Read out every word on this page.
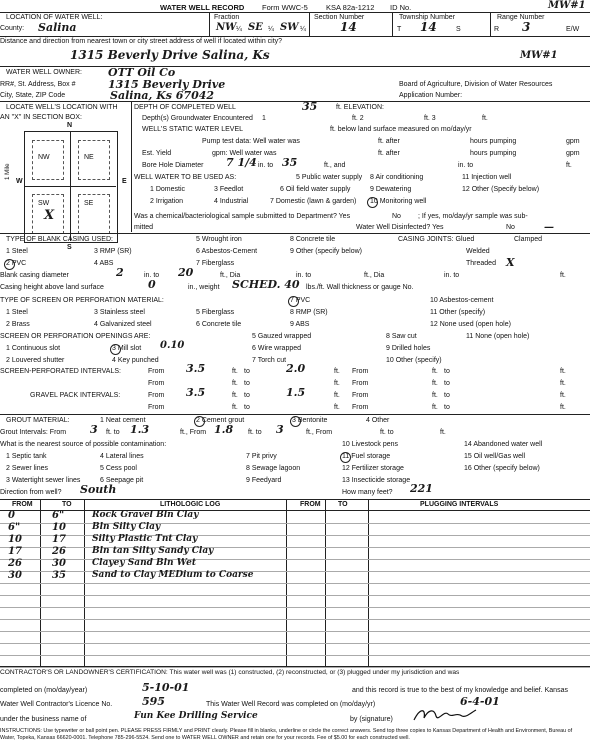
WATER WELL RECORD Form WWC-5 KSA 82a-1212 ID No.	MW#1
LOCATION OF WATER WELL:	Fraction	Section Number	Township Number	Range Number
County: Salina	NW ¼ SE ¼ SW ¼	14	T 14	S	R 3	E/W
Distance and direction from nearest town or city street address of well if located within city?
1315 Beverly Drive Salina, Ks	MW#1
WATER WELL OWNER: OTT Oil Co
RR#, St. Address, Box #	1315 Beverly Drive
City, State, ZIP Code	Salina, Ks 67042
Board of Agriculture, Division of Water Resources
Application Number:
LOCATE WELL'S LOCATION WITH
AN "X" IN SECTION BOX:
N
S
E
W
NW	NE
SW	SE
X
1 Mile
DEPTH OF COMPLETED WELL	35	ft. ELEVATION:
Depth(s) Groundwater Encountered 1	ft. 2	ft. 3	ft.
WELL'S STATIC WATER LEVEL	ft. below land surface measured on mo/day/yr
Pump test data: Well water was	ft. after	hours pumping	gpm
Est. Yield	gpm: Well water was	ft. after	hours pumping	gpm
Bore Hole Diameter 7 1/4 in. to 35	ft., and	in. to	ft.
WELL WATER TO BE USED AS:	5 Public water supply 8 Air conditioning	11 Injection well
1 Domestic	3 Feedlot	6 Oil field water supply	9 Dewatering	12 Other (Specify below)
2 Irrigation	4 Industrial	7 Domestic (lawn & garden) 10 Monitoring well
Was a chemical/bacteriological sample submitted to Department? Yes	No ; If yes, mo/day/yr sample was sub-
mitted	Water Well Disinfected? Yes	No	—
TYPE OF BLANK CASING USED:	5 Wrought iron	8 Concrete tile	CASING JOINTS: Glued	Clamped
1 Steel	3 RMP (SR)	6 Asbestos-Cement	9 Other (specify below)	Welded
2 PVC	4 ABS	7 Fiberglass	Threaded X
Blank casing diameter	2	in. to 20	ft., Dia	in. to	ft., Dia	in. to	ft.
Casing height above land surface	0	in., weight SCHED. 40 lbs./ft. Wall thickness or gauge No.
TYPE OF SCREEN OR PERFORATION MATERIAL:	7 PVC	10 Asbestos-cement
1 Steel	3 Stainless steel	5 Fiberglass	8 RMP (SR)	11 Other (specify)
2 Brass	4 Galvanized steel	6 Concrete tile	9 ABS	12 None used (open hole)
SCREEN OR PERFORATION OPENINGS ARE:	5 Gauzed wrapped	8 Saw cut	11 None (open hole)
1 Continuous slot	3 Mill slot 0.10	6 Wire wrapped	9 Drilled holes
2 Louvered shutter	4 Key punched	7 Torch cut	10 Other (specify)
SCREEN-PERFORATED INTERVALS:	From 3.5	ft. to	2.0	ft. From	ft. to	ft.
From	ft. to	ft. From	ft. to	ft.
GRAVEL PACK INTERVALS:	From 3.5	ft. to	1.5	ft. From	ft. to	ft.
From	ft. to	ft. From	ft. to	ft.
GROUT MATERIAL:	1 Neat cement	2 Cement grout	3 Bentonite	4 Other
Grout Intervals: From 3 ft. to 1.3	ft., From 1.8 ft. to 3	ft., From	ft. to	ft.
What is the nearest source of possible contamination:	10 Livestock pens	14 Abandoned water well
1 Septic tank	4 Lateral lines	7 Pit privy	11 Fuel storage	15 Oil well/Gas well
2 Sewer lines	5 Cess pool	8 Sewage lagoon	12 Fertilizer storage	16 Other (specify below)
3 Watertight sewer lines	6 Seepage pit	9 Feedyard	13 Insecticide storage
Direction from well? South	How many feet? 221
FROM	TO	LITHOLOGIC LOG	FROM TO	PLUGGING INTERVALS
0	6"	Rock Gravel Bln Clay
6"	10	Bln Silty Clay
10	17	Silty Plastic Tnt Clay
17	26	Bln tan Silty Sandy Clay
26	30	Clayey Sand Bln Wet
30	35	Sand to Clay MEDium to Coarse
CONTRACTOR'S OR LANDOWNER'S CERTIFICATION: This water well was (1) constructed, (2) reconstructed, or (3) plugged under my jurisdiction and was
completed on (mo/day/year)	5-10-01	and this record is true to the best of my knowledge and belief. Kansas
Water Well Contractor's Licence No.	595	This Water Well Record was completed on (mo/day/yr)	6-4-01
under the business name of	Fun Kee Drilling Service	by (signature)
INSTRUCTIONS: Use typewriter or ball point pen. PLEASE PRESS FIRMLY and PRINT clearly. Please fill in blanks, underline or circle the correct answers. Send top three copies to Kansas Department of Health and Environment, Bureau of Water, Topeka, Kansas 66620-0001. Telephone 785-296-5524. Send one to WATER WELL OWNER and retain one for your records. Fee of $5.00 for each constructed well.
